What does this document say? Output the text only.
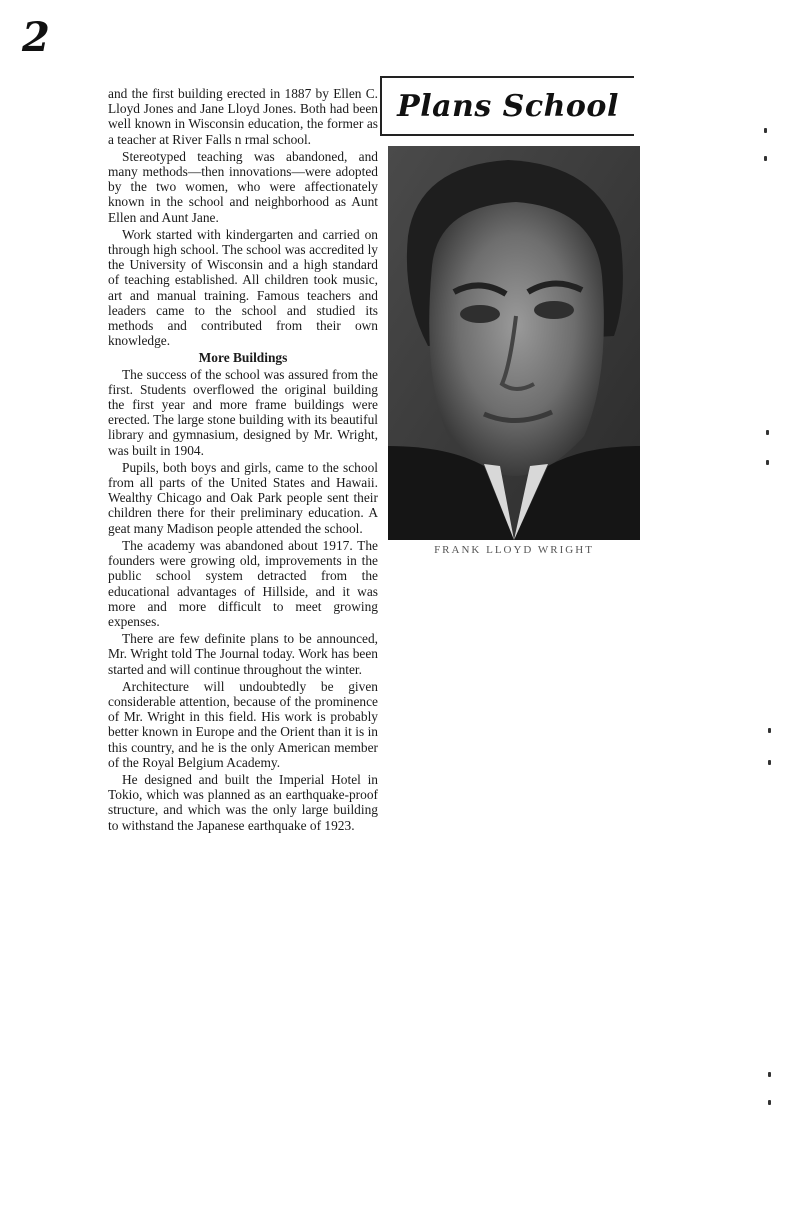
2

and the first building erected in 1887 by Ellen C. Lloyd Jones and Jane Lloyd Jones. Both had been well known in Wisconsin education, the former as a teacher at River Falls n rmal school.

Stereotyped teaching was abandoned, and many methods—then innovations—were adopted by the two women, who were affectionately known in the school and neighborhood as Aunt Ellen and Aunt Jane.

Work started with kindergarten and carried on through high school. The school was accredited ly the University of Wisconsin and a high standard of teaching established. All children took music, art and manual training. Famous teachers and leaders came to the school and studied its methods and contributed from their own knowledge.

More Buildings

The success of the school was assured from the first. Students overflowed the original building the first year and more frame buildings were erected. The large stone building with its beautiful library and gymnasium, designed by Mr. Wright, was built in 1904.

Pupils, both boys and girls, came to the school from all parts of the United States and Hawaii. Wealthy Chicago and Oak Park people sent their children there for their preliminary education. A geat many Madison people attended the school.

The academy was abandoned about 1917. The founders were growing old, improvements in the public school system detracted from the educational advantages of Hillside, and it was more and more difficult to meet growing expenses.

There are few definite plans to be announced, Mr. Wright told The Journal today. Work has been started and will continue throughout the winter.

Architecture will undoubtedly be given considerable attention, because of the prominence of Mr. Wright in this field. His work is probably better known in Europe and the Orient than it is in this country, and he is the only American member of the Royal Belgium Academy.

He designed and built the Imperial Hotel in Tokio, which was planned as an earthquake-proof structure, and which was the only large building to withstand the Japanese earthquake of 1923.

Plans School
FRANK LLOYD WRIGHT
